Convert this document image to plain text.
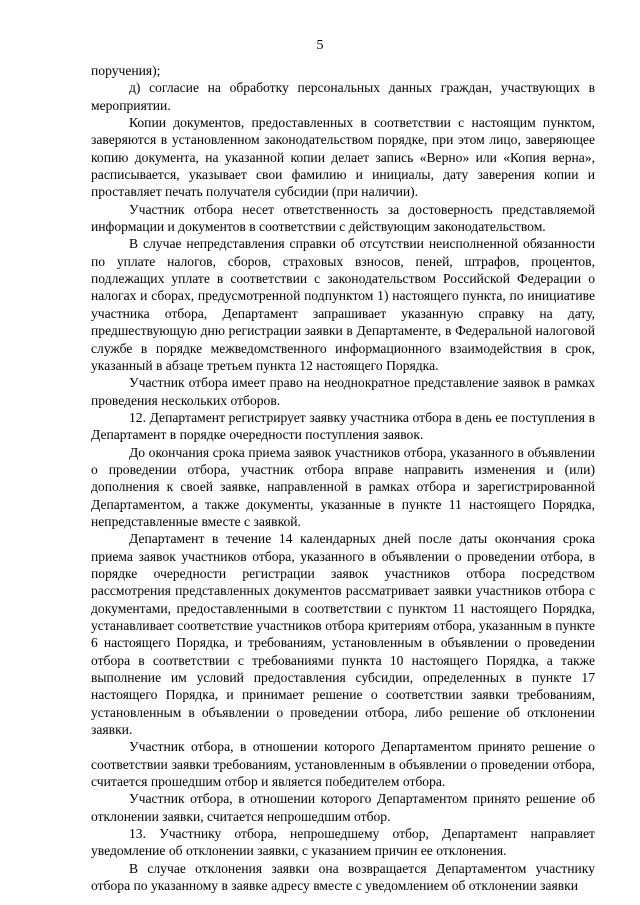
5

поручения);

д) согласие на обработку персональных данных граждан, участвующих в мероприятии.

Копии документов, предоставленных в соответствии с настоящим пунктом, заверяются в установленном законодательством порядке, при этом лицо, заверяющее копию документа, на указанной копии делает запись «Верно» или «Копия верна», расписывается, указывает свои фамилию и инициалы, дату заверения копии и проставляет печать получателя субсидии (при наличии).

Участник отбора несет ответственность за достоверность представляемой информации и документов в соответствии с действующим законодательством.

В случае непредставления справки об отсутствии неисполненной обязанности по уплате налогов, сборов, страховых взносов, пеней, штрафов, процентов, подлежащих уплате в соответствии с законодательством Российской Федерации о налогах и сборах, предусмотренной подпунктом 1) настоящего пункта, по инициативе участника отбора, Департамент запрашивает указанную справку на дату, предшествующую дню регистрации заявки в Департаменте, в Федеральной налоговой службе в порядке межведомственного информационного взаимодействия в срок, указанный в абзаце третьем пункта 12 настоящего Порядка.

Участник отбора имеет право на неоднократное представление заявок в рамках проведения нескольких отборов.

12. Департамент регистрирует заявку участника отбора в день ее поступления в Департамент в порядке очередности поступления заявок.

До окончания срока приема заявок участников отбора, указанного в объявлении о проведении отбора, участник отбора вправе направить изменения и (или) дополнения к своей заявке, направленной в рамках отбора и зарегистрированной Департаментом, а также документы, указанные в пункте 11 настоящего Порядка, непредставленные вместе с заявкой.

Департамент в течение 14 календарных дней после даты окончания срока приема заявок участников отбора, указанного в объявлении о проведении отбора, в порядке очередности регистрации заявок участников отбора посредством рассмотрения представленных документов рассматривает заявки участников отбора с документами, предоставленными в соответствии с пунктом 11 настоящего Порядка, устанавливает соответствие участников отбора критериям отбора, указанным в пункте 6 настоящего Порядка, и требованиям, установленным в объявлении о проведении отбора в соответствии с требованиями пункта 10 настоящего Порядка, а также выполнение им условий предоставления субсидии, определенных в пункте 17 настоящего Порядка, и принимает решение о соответствии заявки требованиям, установленным в объявлении о проведении отбора, либо решение об отклонении заявки.

Участник отбора, в отношении которого Департаментом принято решение о соответствии заявки требованиям, установленным в объявлении о проведении отбора, считается прошедшим отбор и является победителем отбора.

Участник отбора, в отношении которого Департаментом принято решение об отклонении заявки, считается непрошедшим отбор.

13. Участнику отбора, непрошедшему отбор, Департамент направляет уведомление об отклонении заявки, с указанием причин ее отклонения.

В случае отклонения заявки она возвращается Департаментом участнику отбора по указанному в заявке адресу вместе с уведомлением об отклонении заявки
